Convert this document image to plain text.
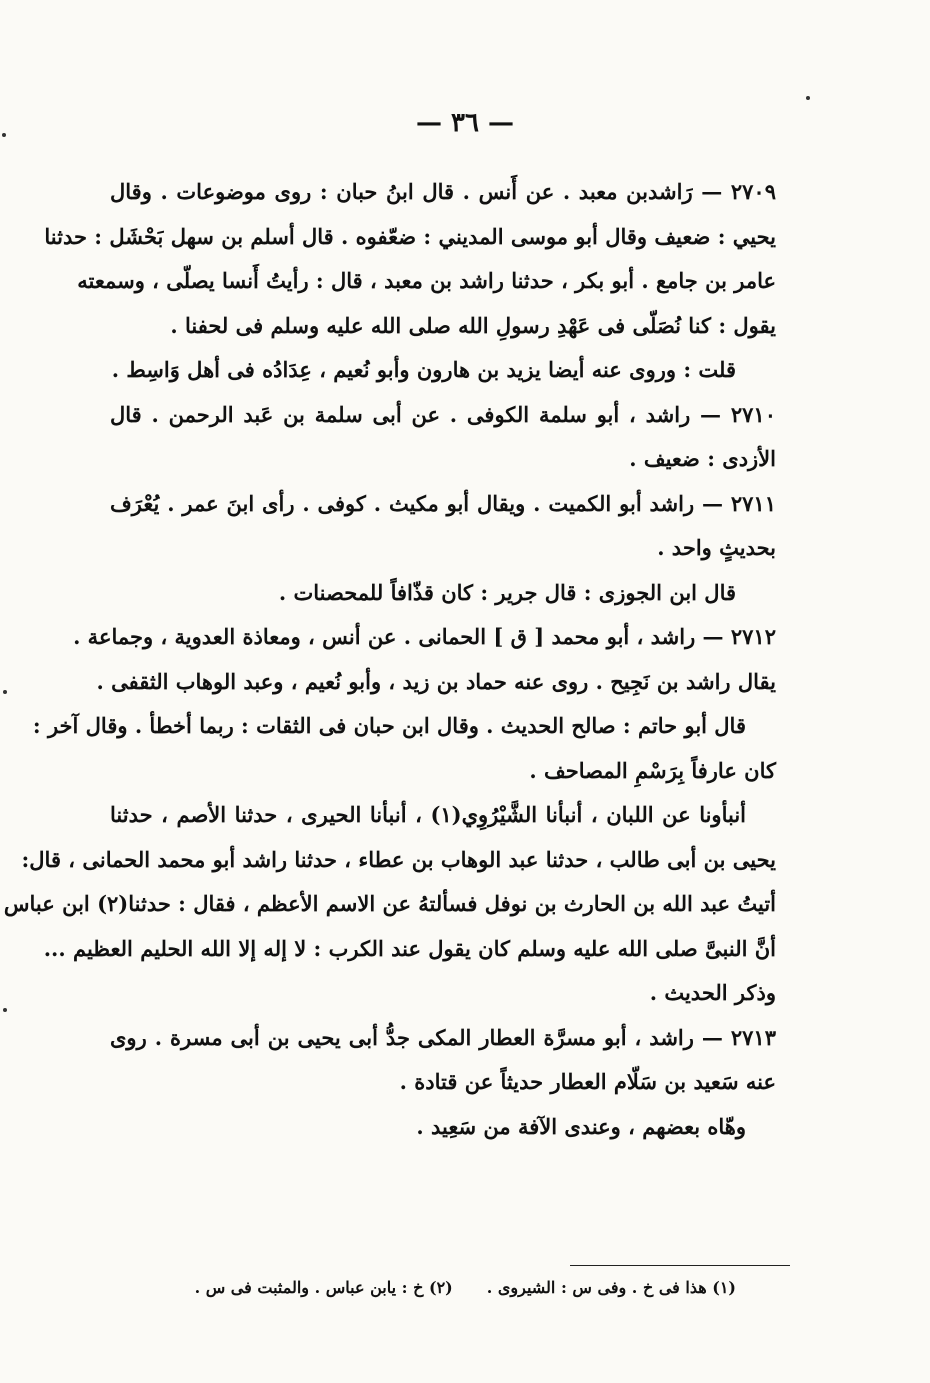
— ٣٦ —
٢٧٠٩ — رَاشدبن معبد . عن أَنس . قال ابنُ حبان : روى موضوعات . وقال
يحيي : ضعيف وقال أبو موسى المديني : ضعّفوه . قال أسلم بن سهل بَحْشَل : حدثنا
عامر بن جامع . أبو بكر ، حدثنا راشد بن معبد ، قال : رأيتُ أَنسا يصلّى ، وسمعته
يقول : كنا نُصَلّى فى عَهْدِ رسولِ الله صلى الله عليه وسلم فى لحفنا .
قلت : وروى عنه أيضا يزيد بن هارون وأبو نُعيم ، عِدَادُه فى أهل وَاسِط .
٢٧١٠ — راشد ، أبو سلمة الكوفى . عن أبى سلمة بن عَبد الرحمن . قال
الأزدى : ضعيف .
٢٧١١ — راشد أبو الكميت . ويقال أبو مكيث . كوفى . رأى ابنَ عمر . يُعْرَف
بحديثٍ واحد .
قال ابن الجوزى : قال جرير : كان قذّافاً للمحصنات .
٢٧١٢ — راشد ، أبو محمد [ ق ] الحمانى . عن أنس ، ومعاذة العدوية ، وجماعة .
يقال راشد بن نَجِيح . روى عنه حماد بن زيد ، وأبو نُعيم ، وعبد الوهاب الثقفى .
قال أبو حاتم : صالح الحديث . وقال ابن حبان فى الثقات : ربما أخطأ . وقال آخر :
كان عارفاً بِرَسْمِ المصاحف .
أنبأونا عن اللبان ، أنبأنا الشَّيْرُوِي(١) ، أنبأنا الحيرى ، حدثنا الأصم ، حدثنا
يحيى بن أبى طالب ، حدثنا عبد الوهاب بن عطاء ، حدثنا راشد أبو محمد الحمانى ، قال:
أتيتُ عبد الله بن الحارث بن نوفل فسألتهُ عن الاسم الأعظم ، فقال : حدثنا(٢) ابن عباس
أنَّ النبىَّ صلى الله عليه وسلم كان يقول عند الكرب : لا إله إلا الله الحليم العظيم ...
وذكر الحديث .
٢٧١٣ — راشد ، أبو مسرَّة العطار المكى جدُّ أبى يحيى بن أبى مسرة . روى
عنه سَعيد بن سَلّام العطار حديثاً عن قتادة .
وهّاه بعضهم ، وعندى الآفة من سَعِيد .
(١) هذا فى خ . وفى س : الشيروى .
(٢) خ : يابن عباس . والمثبت فى س .
